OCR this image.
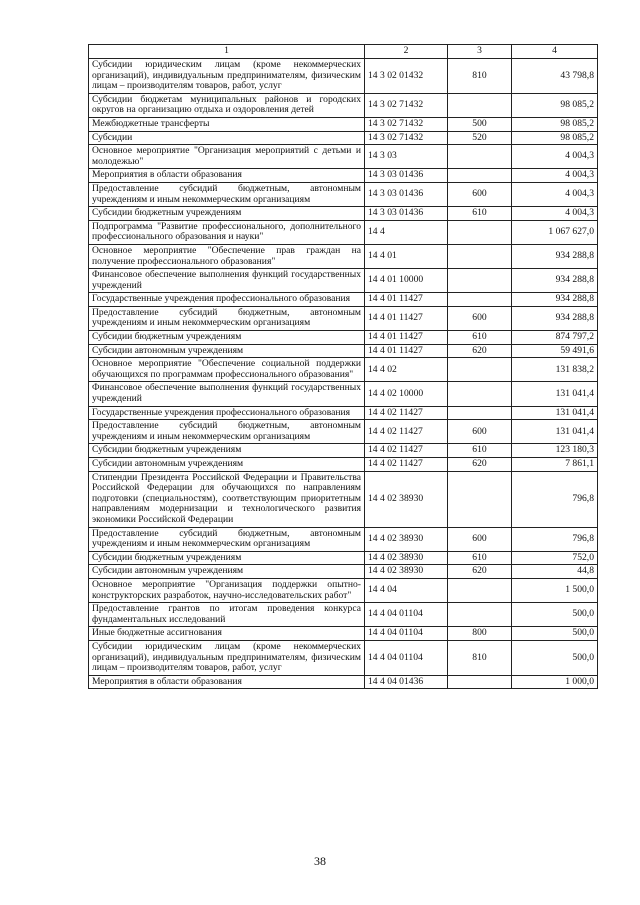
1	2	3	4
Субсидии юридическим лицам (кроме некоммерческих организаций), индивидуальным предпринимателям, физическим лицам – производителям товаров, работ, услуг	14 3 02 01432	810	43 798,8
Субсидии бюджетам муниципальных районов и городских округов на организацию отдыха и оздоровления детей	14 3 02 71432		98 085,2
Межбюджетные трансферты	14 3 02 71432	500	98 085,2
Субсидии	14 3 02 71432	520	98 085,2
Основное мероприятие "Организация мероприятий с детьми и молодежью"	14 3 03		4 004,3
Мероприятия в области образования	14 3 03 01436		4 004,3
Предоставление субсидий бюджетным, автономным учреждениям и иным некоммерческим организациям	14 3 03 01436	600	4 004,3
Субсидии бюджетным учреждениям	14 3 03 01436	610	4 004,3
Подпрограмма "Развитие профессионального, дополнительного профессионального образования и науки"	14 4		1 067 627,0
Основное мероприятие "Обеспечение прав граждан на получение профессионального образования"	14 4 01		934 288,8
Финансовое обеспечение выполнения функций государственных учреждений	14 4 01 10000		934 288,8
Государственные учреждения профессионального образования	14 4 01 11427		934 288,8
Предоставление субсидий бюджетным, автономным учреждениям и иным некоммерческим организациям	14 4 01 11427	600	934 288,8
Субсидии бюджетным учреждениям	14 4 01 11427	610	874 797,2
Субсидии автономным учреждениям	14 4 01 11427	620	59 491,6
Основное мероприятие "Обеспечение социальной поддержки обучающихся по программам профессионального образования"	14 4 02		131 838,2
Финансовое обеспечение выполнения функций государственных учреждений	14 4 02 10000		131 041,4
Государственные учреждения профессионального образования	14 4 02 11427		131 041,4
Предоставление субсидий бюджетным, автономным учреждениям и иным некоммерческим организациям	14 4 02 11427	600	131 041,4
Субсидии бюджетным учреждениям	14 4 02 11427	610	123 180,3
Субсидии автономным учреждениям	14 4 02 11427	620	7 861,1
Стипендии Президента Российской Федерации и Правительства Российской Федерации для обучающихся по направлениям подготовки (специальностям), соответствующим приоритетным направлениям модернизации и технологического развития экономики Российской Федерации	14 4 02 38930		796,8
Предоставление субсидий бюджетным, автономным учреждениям и иным некоммерческим организациям	14 4 02 38930	600	796,8
Субсидии бюджетным учреждениям	14 4 02 38930	610	752,0
Субсидии автономным учреждениям	14 4 02 38930	620	44,8
Основное мероприятие "Организация поддержки опытно-конструкторских разработок, научно-исследовательских работ"	14 4 04		1 500,0
Предоставление грантов по итогам проведения конкурса фундаментальных исследований	14 4 04 01104		500,0
Иные бюджетные ассигнования	14 4 04 01104	800	500,0
Субсидии юридическим лицам (кроме некоммерческих организаций), индивидуальным предпринимателям, физическим лицам – производителям товаров, работ, услуг	14 4 04 01104	810	500,0
Мероприятия в области образования	14 4 04 01436		1 000,0
38
